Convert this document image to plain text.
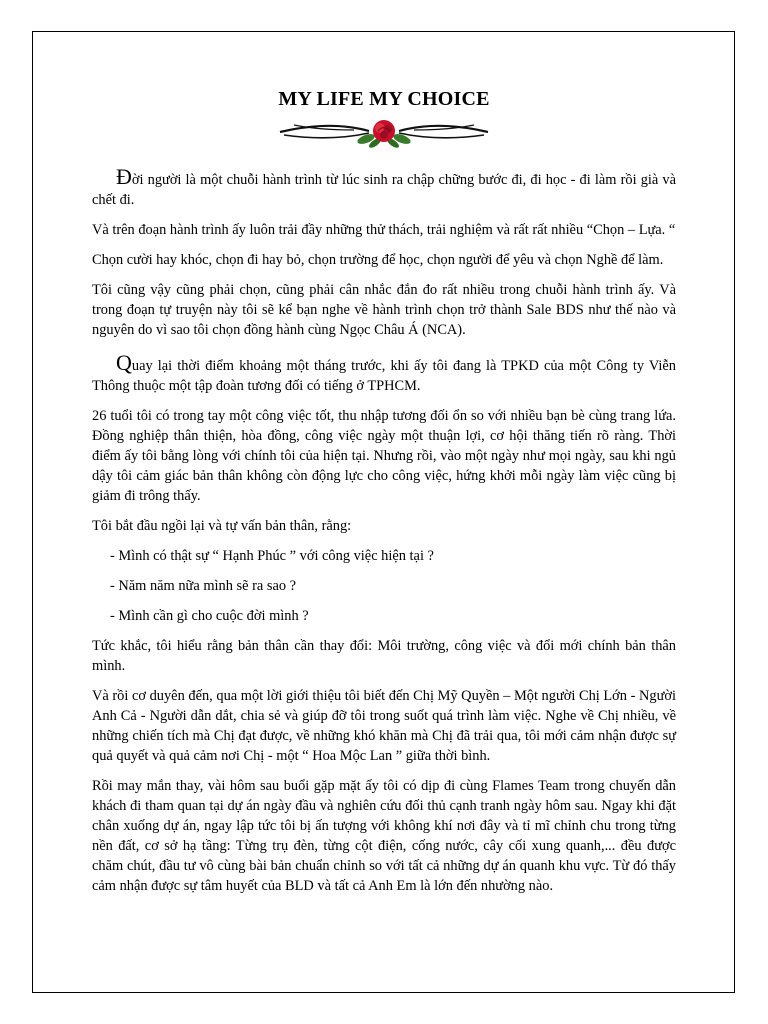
MY LIFE MY CHOICE

Đời người là một chuỗi hành trình từ lúc sinh ra chập chững bước đi, đi học - đi làm rồi già và chết đi.

Và trên đoạn hành trình ấy luôn trải đầy những thử thách, trải nghiệm và rất rất nhiều “Chọn – Lựa. “

Chọn cười hay khóc, chọn đi hay bỏ, chọn trường để học, chọn người để yêu và chọn Nghề để làm.

Tôi cũng vậy cũng phải chọn, cũng phải cân nhắc đắn đo rất nhiều trong chuỗi hành trình ấy. Và trong đoạn tự truyện này tôi sẽ kể bạn nghe về hành trình chọn trở thành Sale BDS như thế nào và nguyên do vì sao tôi chọn đồng hành cùng Ngọc Châu Á (NCA).

Quay lại thời điểm khoảng một tháng trước, khi ấy tôi đang là TPKD của một Công ty Viễn Thông thuộc một tập đoàn tương đối có tiếng ở TPHCM.

26 tuổi tôi có trong tay một công việc tốt, thu nhập tương đối ổn so với nhiều bạn bè cùng trang lứa. Đồng nghiệp thân thiện, hòa đồng, công việc ngày một thuận lợi, cơ hội thăng tiến rõ ràng. Thời điểm ấy tôi bằng lòng với chính tôi của hiện tại. Nhưng rồi, vào một ngày như mọi ngày, sau khi ngủ dậy tôi cảm giác bản thân không còn động lực cho công việc, hứng khởi mỗi ngày làm việc cũng bị giảm đi trông thấy.

Tôi bắt đầu ngồi lại và tự vấn bản thân, rằng:

- Mình có thật sự “ Hạnh Phúc ” với công việc hiện tại ?
- Năm năm nữa mình sẽ ra sao ?
- Mình cần gì cho cuộc đời mình ?

Tức khắc, tôi hiểu rằng bản thân cần thay đổi: Môi trường, công việc và đổi mới chính bản thân mình.

Và rồi cơ duyên đến, qua một lời giới thiệu tôi biết đến Chị Mỹ Quyền – Một người Chị Lớn - Người Anh Cả - Người dẫn dắt, chia sẻ và giúp đỡ tôi trong suốt quá trình làm việc. Nghe về Chị nhiều, về những chiến tích mà Chị đạt được, về những khó khăn mà Chị đã trải qua, tôi mới cảm nhận được sự quả quyết và quả cảm nơi Chị - một “ Hoa Mộc Lan ” giữa thời bình.

Rồi may mắn thay, vài hôm sau buổi gặp mặt ấy tôi có dịp đi cùng Flames Team trong chuyến dẫn khách đi tham quan tại dự án ngày đầu và nghiên cứu đối thủ cạnh tranh ngày hôm sau. Ngay khi đặt chân xuống dự án, ngay lập tức tôi bị ấn tượng với không khí nơi đây và tỉ mĩ chỉnh chu trong từng nền đất, cơ sở hạ tầng: Từng trụ đèn, từng cột điện, cống nước, cây cối xung quanh,... đều được chăm chút, đầu tư vô cùng bài bản chuẩn chỉnh so với tất cả những dự án quanh khu vực. Từ đó thấy cảm nhận được sự tâm huyết của BLD và tất cả Anh Em là lớn đến nhường nào.
